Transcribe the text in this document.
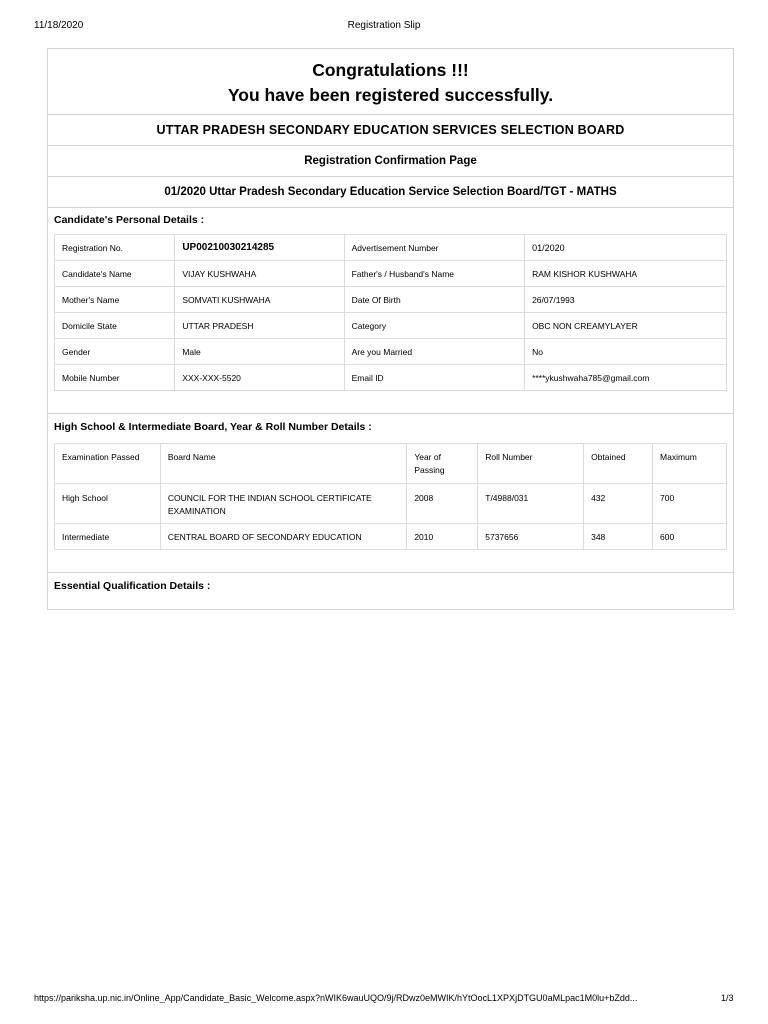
11/18/2020	Registration Slip
Congratulations !!!
You have been registered successfully.
UTTAR PRADESH SECONDARY EDUCATION SERVICES SELECTION BOARD
Registration Confirmation Page
01/2020 Uttar Pradesh Secondary Education Service Selection Board/TGT - MATHS
Candidate's Personal Details :
Registration No.	UP00210030214285	Advertisement Number	01/2020
Candidate's Name	VIJAY KUSHWAHA	Father's / Husband's Name	RAM KISHOR KUSHWAHA
Mother's Name	SOMVATI KUSHWAHA	Date Of Birth	26/07/1993
Domicile State	UTTAR PRADESH	Category	OBC NON CREAMYLAYER
Gender	Male	Are you Married	No
Mobile Number	XXX-XXX-5520	Email ID	****ykushwaha785@gmail.com
High School & Intermediate Board, Year & Roll Number Details :
Examination Passed	Board Name	Year of Passing	Roll Number	Obtained	Maximum
High School	COUNCIL FOR THE INDIAN SCHOOL CERTIFICATE EXAMINATION	2008	T/4988/031	432	700
Intermediate	CENTRAL BOARD OF SECONDARY EDUCATION	2010	5737656	348	600
Essential Qualification Details :
https://pariksha.up.nic.in/Online_App/Candidate_Basic_Welcome.aspx?nWIK6wauUQO/9j/RDwz0eMWIK/hYtOocL1XPXjDTGU0aMLpac1M0lu+bZdd...	1/3
